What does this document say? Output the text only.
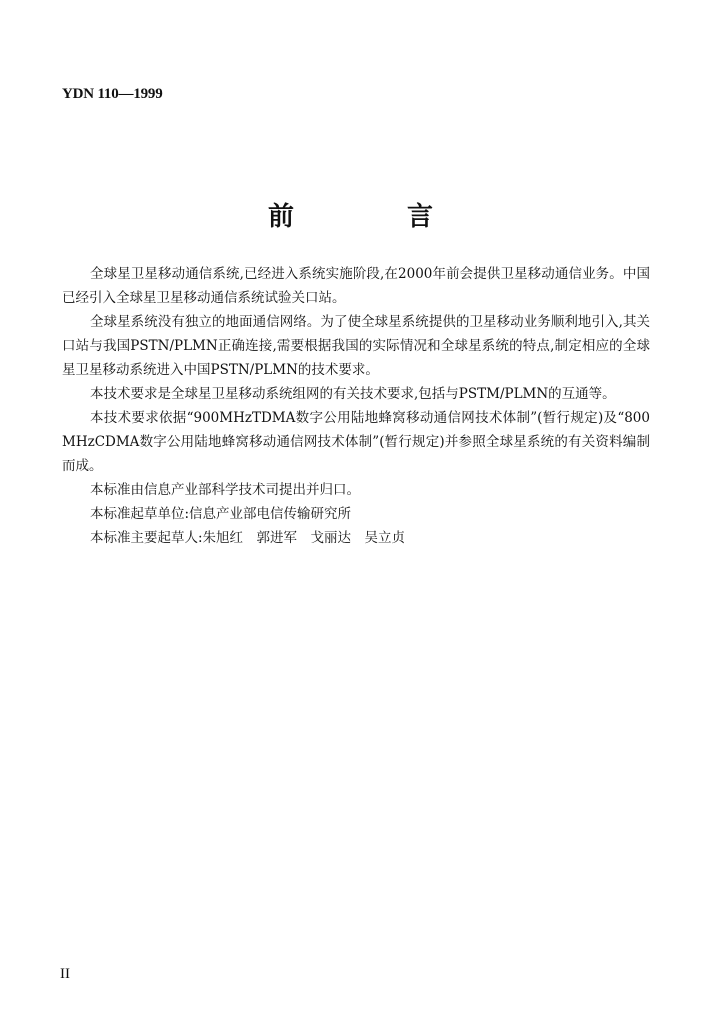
YDN 110—1999
前 言

全球星卫星移动通信系统,已经进入系统实施阶段,在2000年前会提供卫星移动通信业务。中国已经引入全球星卫星移动通信系统试验关口站。

全球星系统没有独立的地面通信网络。为了使全球星系统提供的卫星移动业务顺利地引入,其关口站与我国PSTN/PLMN正确连接,需要根据我国的实际情况和全球星系统的特点,制定相应的全球星卫星移动系统进入中国PSTN/PLMN的技术要求。

本技术要求是全球星卫星移动系统组网的有关技术要求,包括与PSTM/PLMN的互通等。

本技术要求依据“900MHzTDMA数字公用陆地蜂窝移动通信网技术体制”(暂行规定)及“800MHzCDMA数字公用陆地蜂窝移动通信网技术体制”(暂行规定)并参照全球星系统的有关资料编制而成。

本标准由信息产业部科学技术司提出并归口。

本标准起草单位:信息产业部电信传输研究所

本标准主要起草人:朱旭红　郭进军　戈丽达　吴立贞

II
